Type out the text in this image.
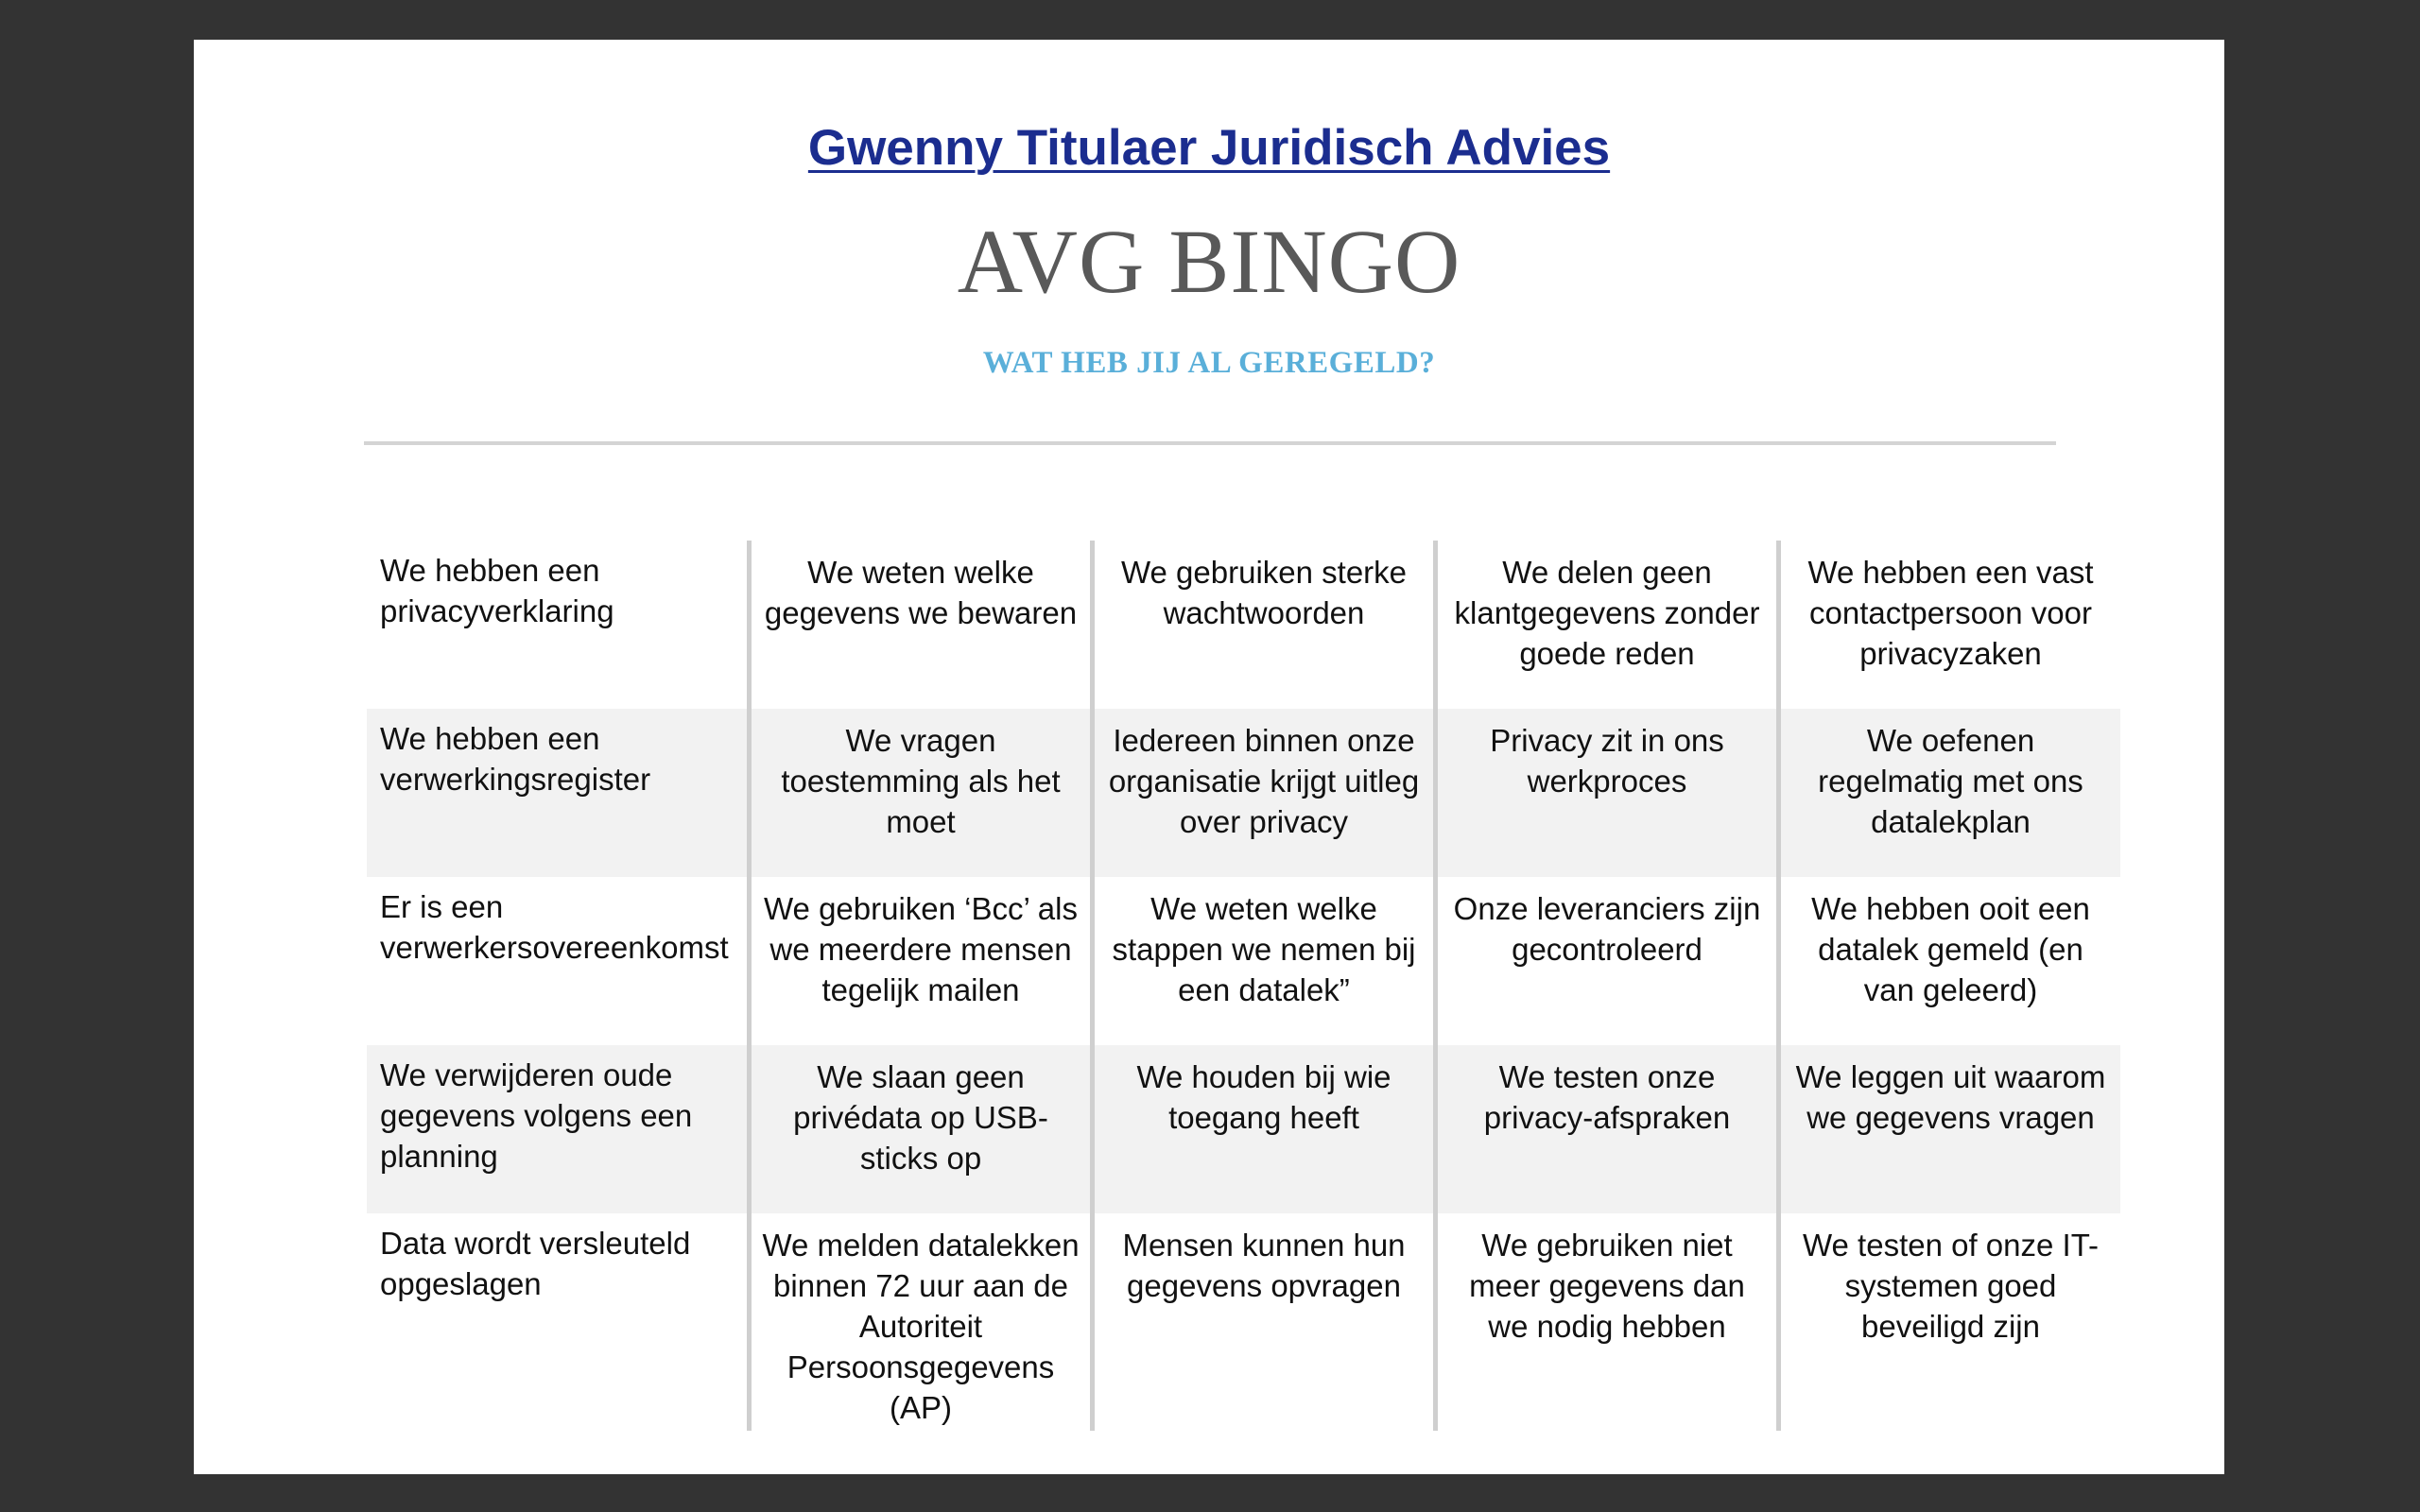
Gwenny Titulaer Juridisch Advies
AVG BINGO
WAT HEB JIJ AL GEREGELD?
We hebben een privacyverklaring
We weten welke gegevens we bewaren
We gebruiken sterke wachtwoorden
We delen geen klantgegevens zonder goede reden
We hebben een vast contactpersoon voor privacyzaken
We hebben een verwerkingsregister
We vragen toestemming als het moet
Iedereen binnen onze organisatie krijgt uitleg over privacy
Privacy zit in ons werkproces
We oefenen regelmatig met ons datalekplan
Er is een verwerkersovereenkomst
We gebruiken ‘Bcc’ als we meerdere mensen tegelijk mailen
We weten welke stappen we nemen bij een datalek”
Onze leveranciers zijn gecontroleerd
We hebben ooit een datalek gemeld (en van geleerd)
We verwijderen oude gegevens volgens een planning
We slaan geen privédata op USB-sticks op
We houden bij wie toegang heeft
We testen onze privacy-afspraken
We leggen uit waarom we gegevens vragen
Data wordt versleuteld opgeslagen
We melden datalekken binnen 72 uur aan de Autoriteit Persoonsgegevens (AP)
Mensen kunnen hun gegevens opvragen
We gebruiken niet meer gegevens dan we nodig hebben
We testen of onze IT-systemen goed beveiligd zijn
